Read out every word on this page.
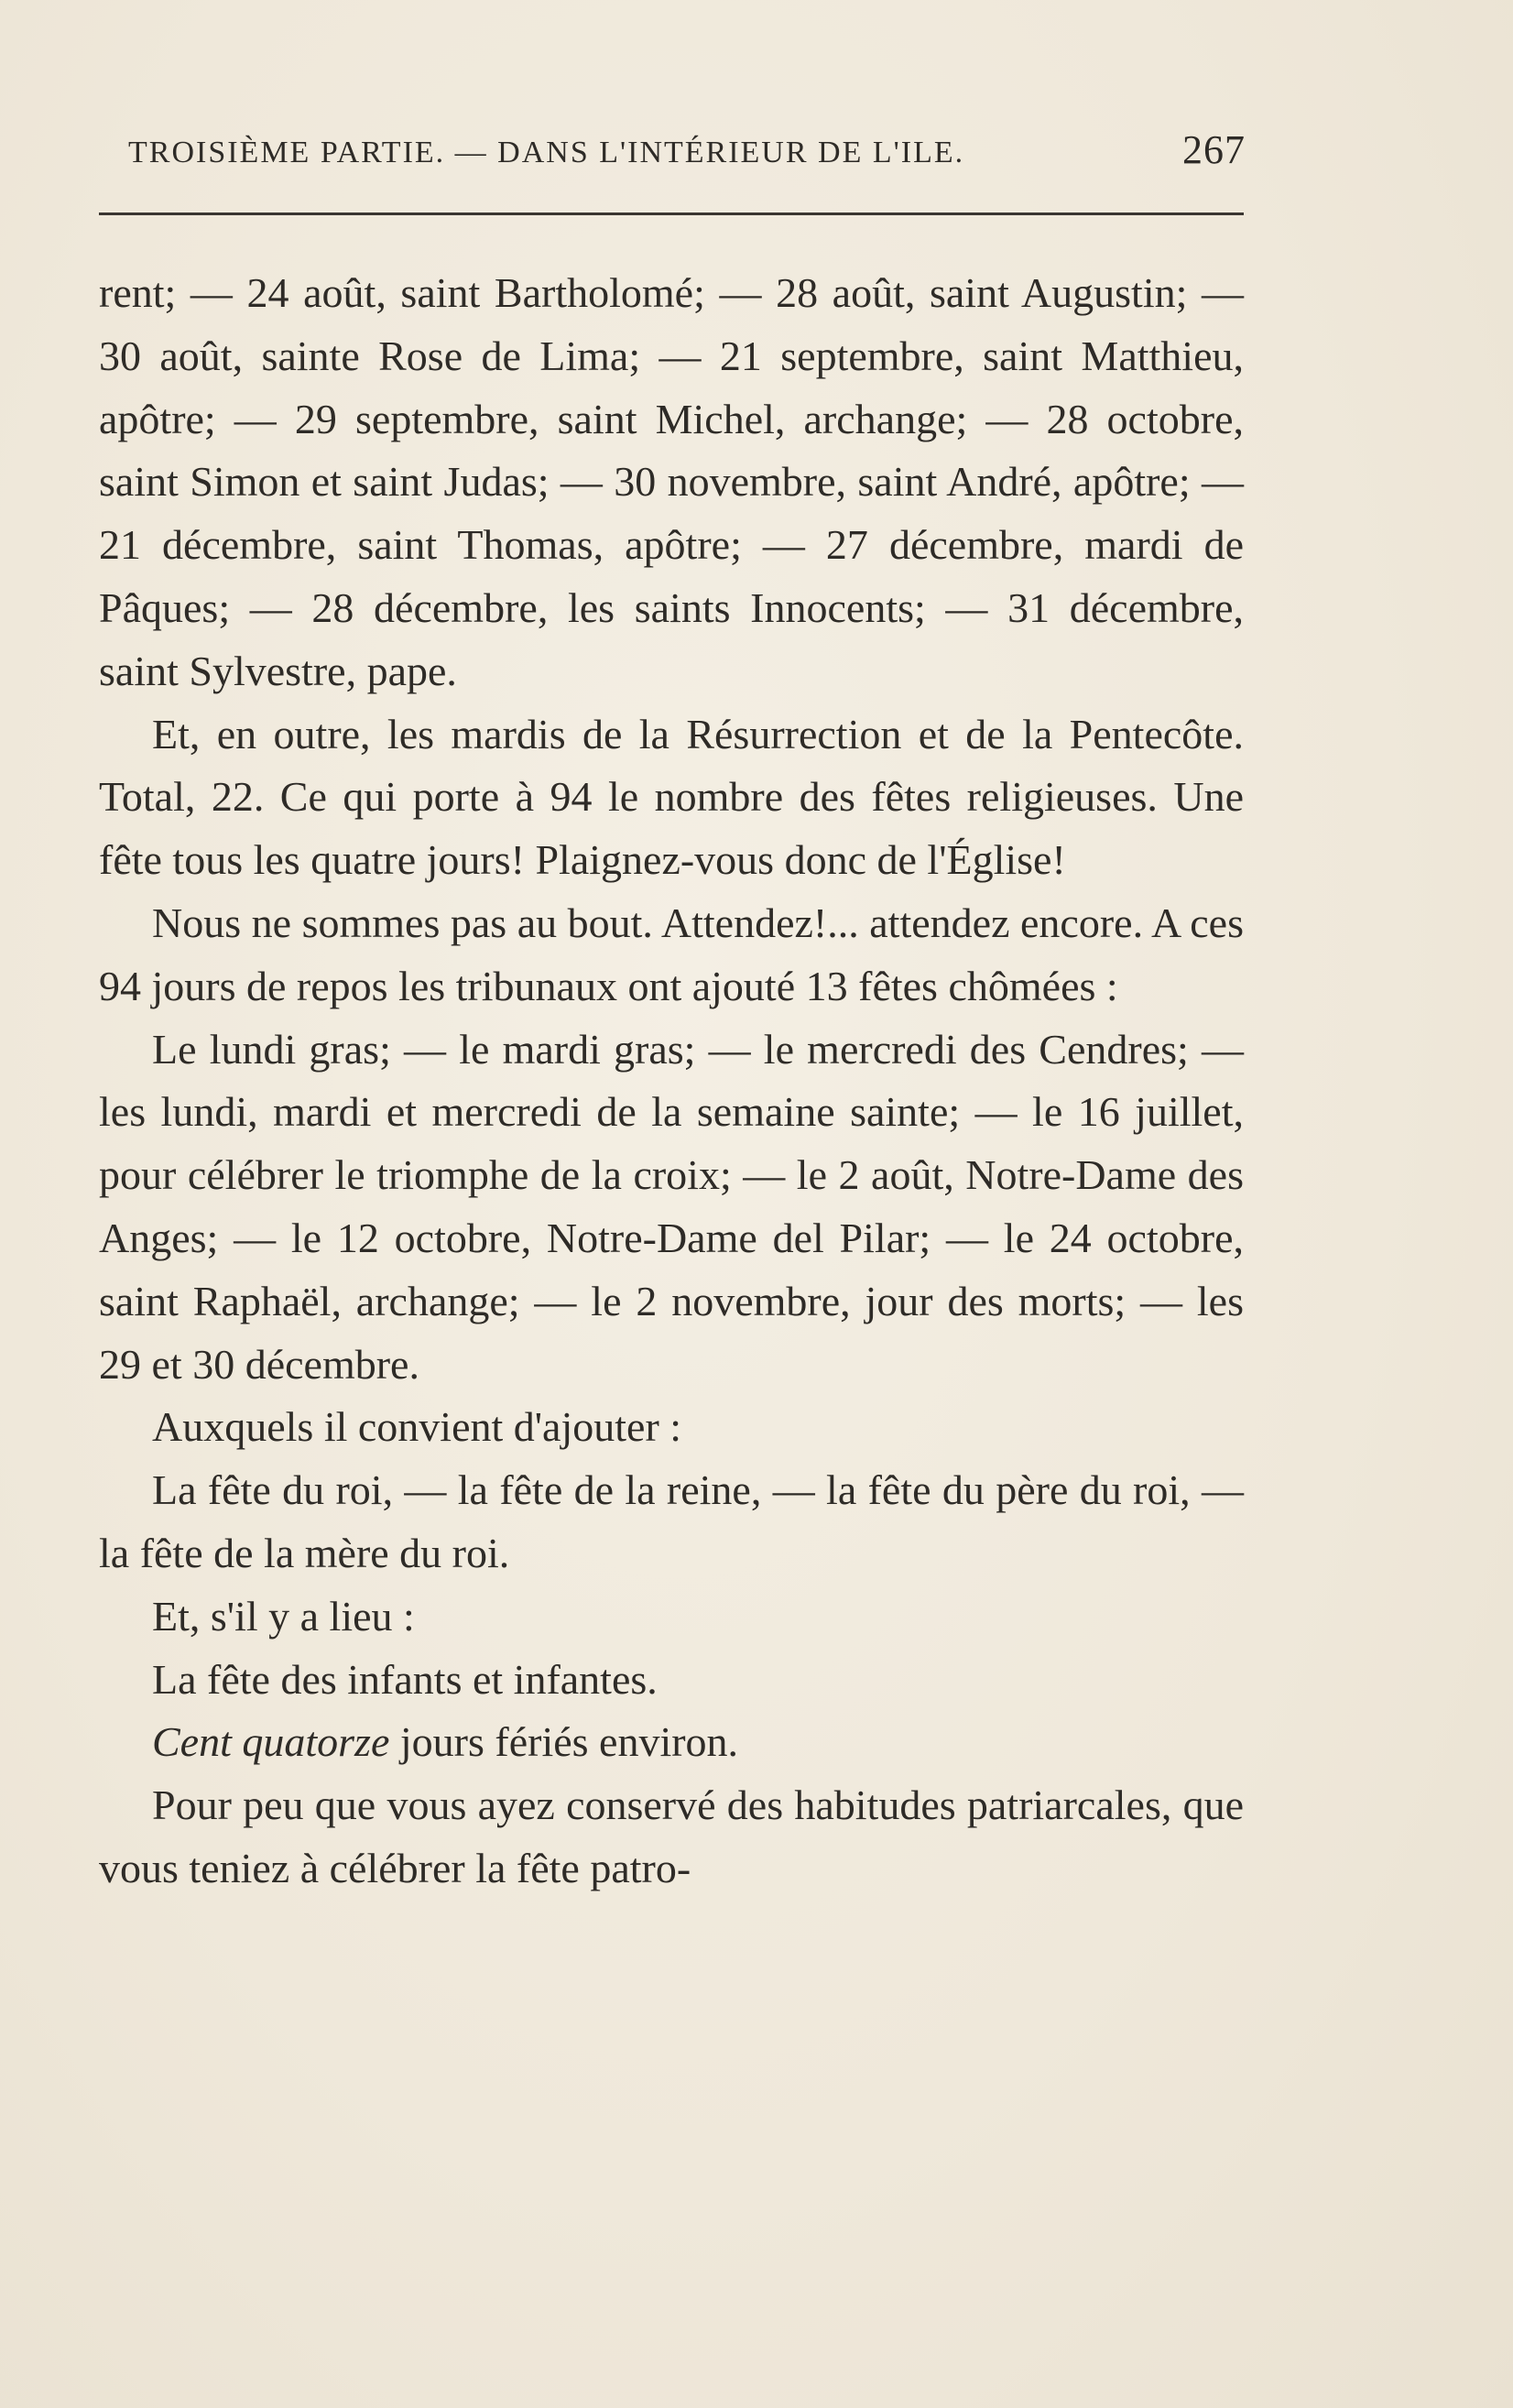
TROISIÈME PARTIE. — DANS L'INTÉRIEUR DE L'ILE.	267

rent; — 24 août, saint Bartholomé; — 28 août, saint Augustin; — 30 août, sainte Rose de Lima; — 21 septembre, saint Matthieu, apôtre; — 29 septembre, saint Michel, archange; — 28 octobre, saint Simon et saint Judas; — 30 novembre, saint André, apôtre; — 21 décembre, saint Thomas, apôtre; — 27 décembre, mardi de Pâques; — 28 décembre, les saints Innocents; — 31 décembre, saint Sylvestre, pape.

Et, en outre, les mardis de la Résurrection et de la Pentecôte. Total, 22. Ce qui porte à 94 le nombre des fêtes religieuses. Une fête tous les quatre jours! Plaignez-vous donc de l'Église!

Nous ne sommes pas au bout. Attendez!... attendez encore. A ces 94 jours de repos les tribunaux ont ajouté 13 fêtes chômées :

Le lundi gras; — le mardi gras; — le mercredi des Cendres; — les lundi, mardi et mercredi de la semaine sainte; — le 16 juillet, pour célébrer le triomphe de la croix; — le 2 août, Notre-Dame des Anges; — le 12 octobre, Notre-Dame del Pilar; — le 24 octobre, saint Raphaël, archange; — le 2 novembre, jour des morts; — les 29 et 30 décembre.

Auxquels il convient d'ajouter :

La fête du roi, — la fête de la reine, — la fête du père du roi, — la fête de la mère du roi.

Et, s'il y a lieu :

La fête des infants et infantes.

Cent quatorze jours fériés environ.

Pour peu que vous ayez conservé des habitudes patriarcales, que vous teniez à célébrer la fête patro-
